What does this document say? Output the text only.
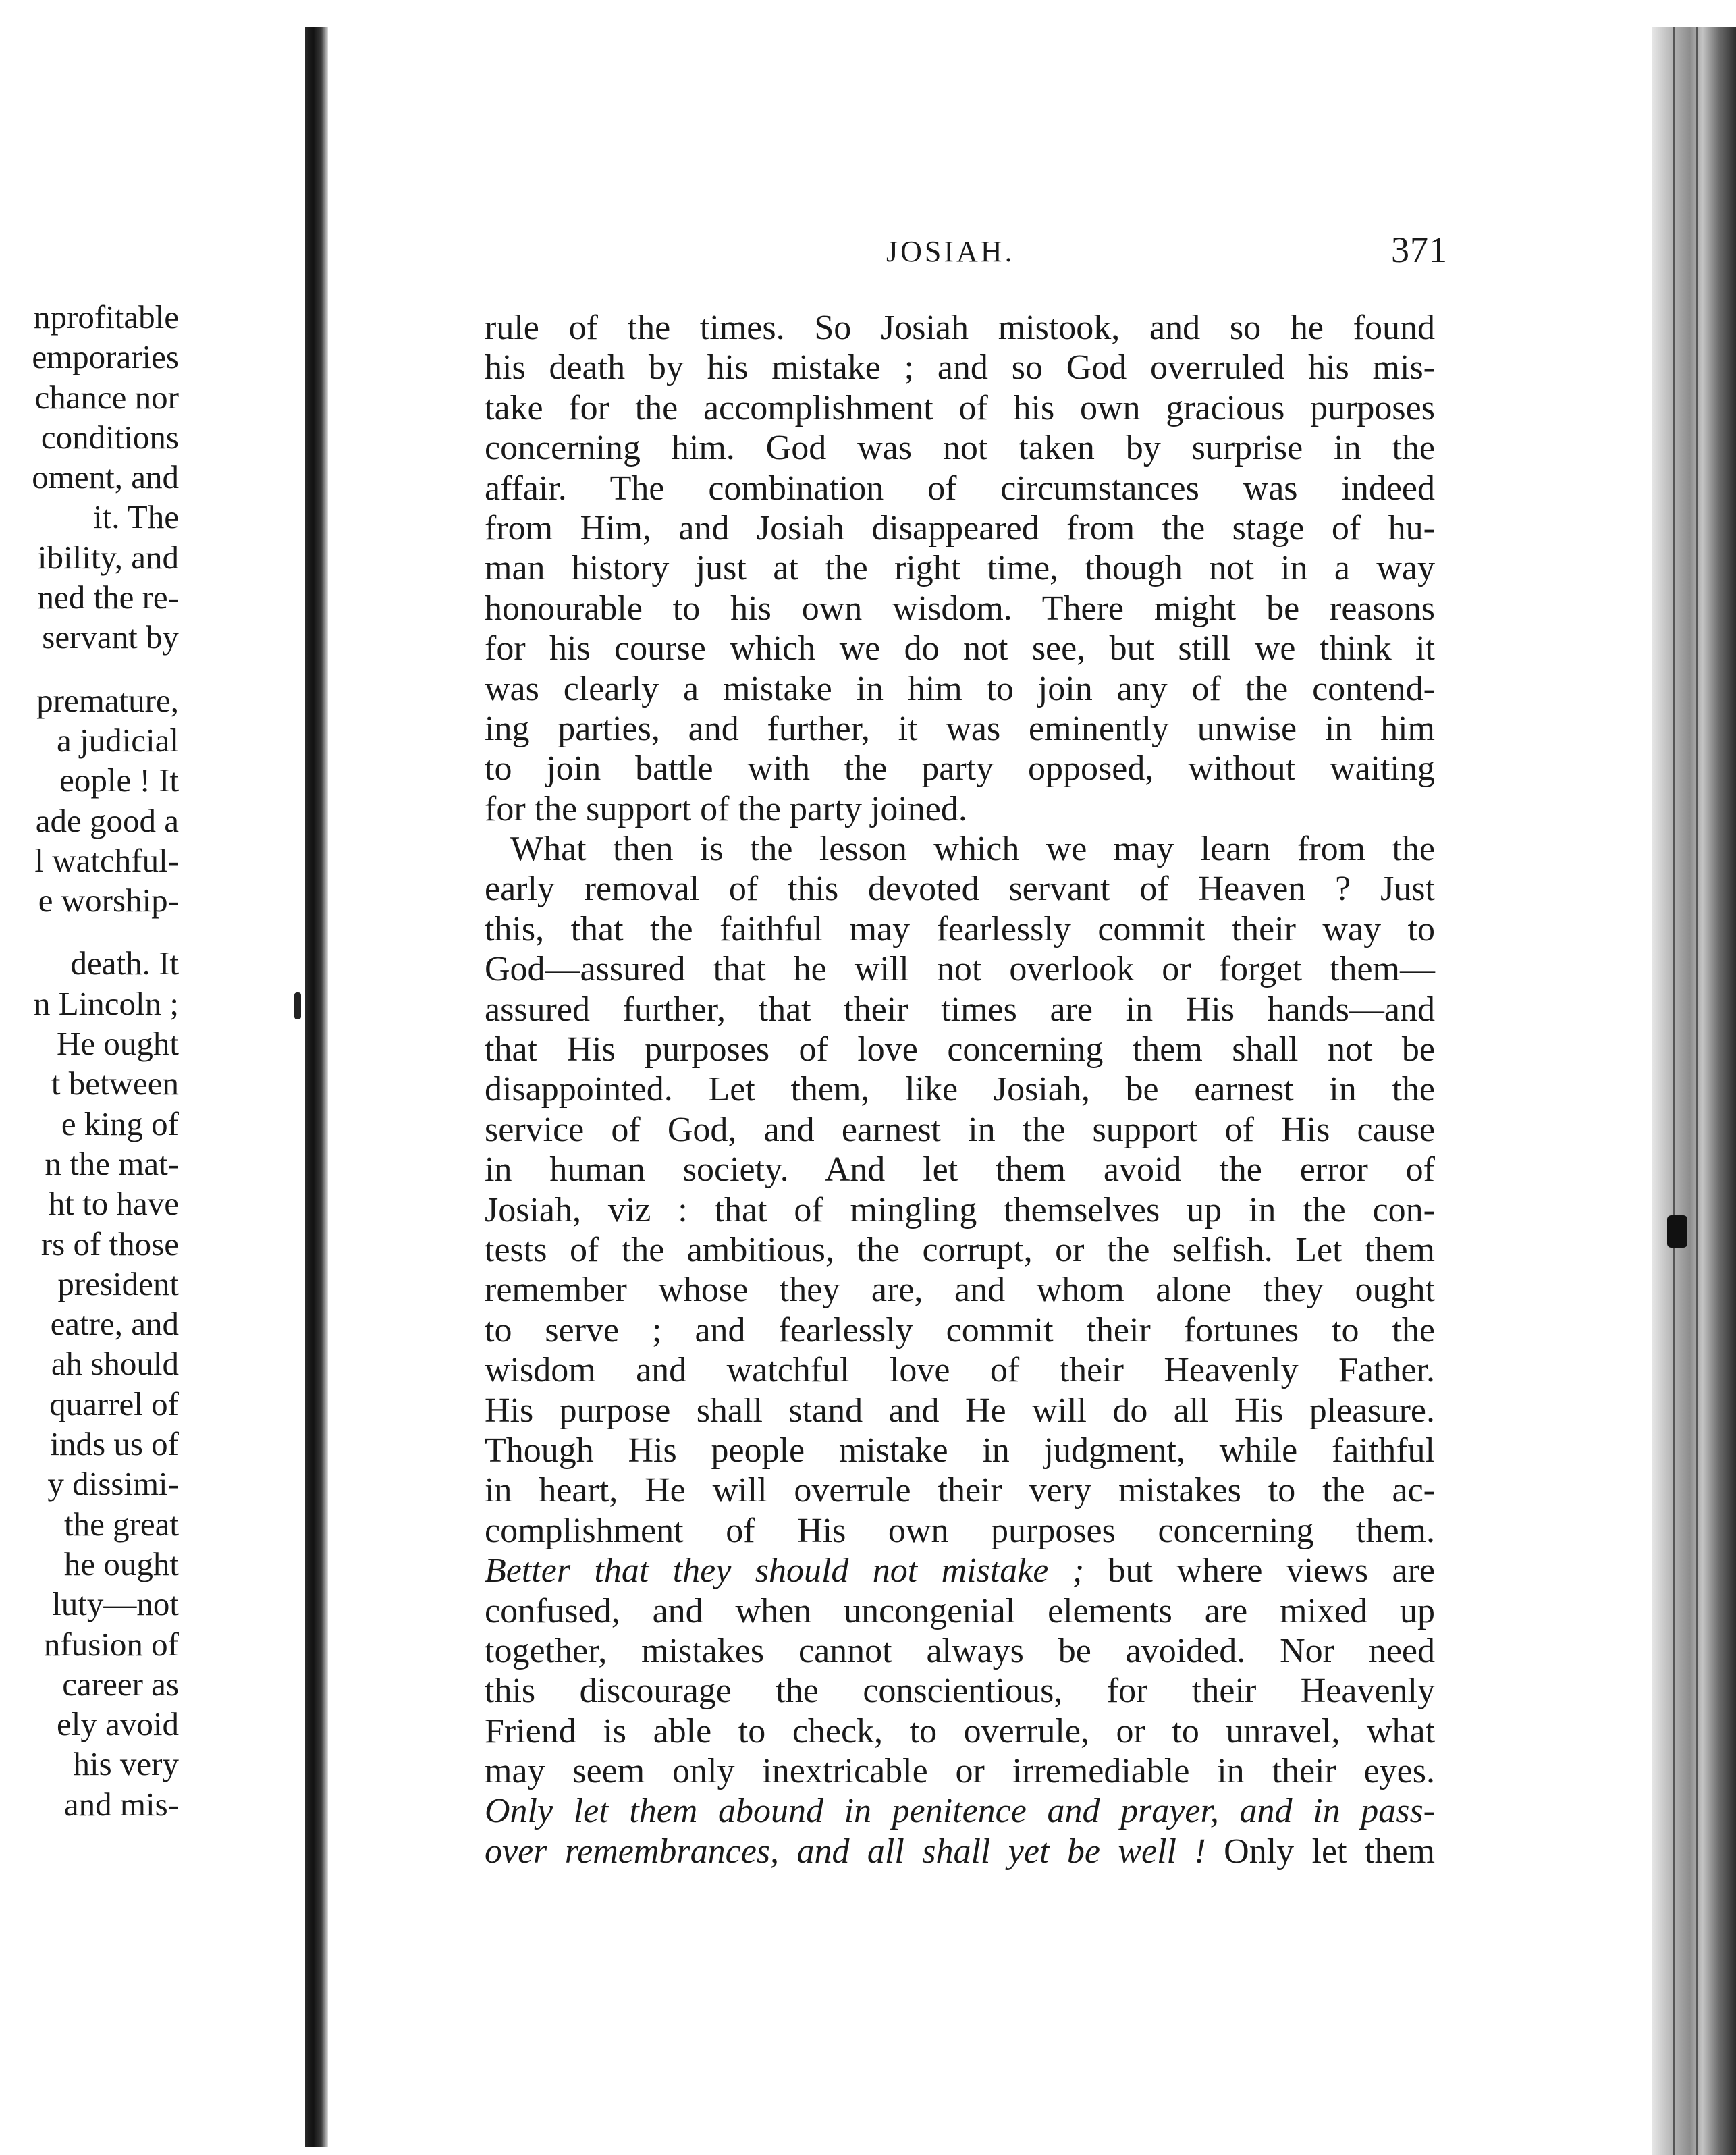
nprofitable
emporaries
chance nor
conditions
oment, and
it. The
ibility, and
ned the re-
servant by
premature,
a judicial
eople ! It
ade good a
l watchful-
e worship-
death. It
n Lincoln ;
He ought
t between
e king of
n the mat-
ht to have
rs of those
president
eatre, and
ah should
quarrel of
inds us of
y dissimi-
the great
he ought
luty—not
nfusion of
career as
ely avoid
his very
and mis-
JOSIAH.	371
rule of the times. So Josiah mistook, and so he found
his death by his mistake ; and so God overruled his mis-
take for the accomplishment of his own gracious purposes
concerning him. God was not taken by surprise in the
affair. The combination of circumstances was indeed
from Him, and Josiah disappeared from the stage of hu-
man history just at the right time, though not in a way
honourable to his own wisdom. There might be reasons
for his course which we do not see, but still we think it
was clearly a mistake in him to join any of the contend-
ing parties, and further, it was eminently unwise in him
to join battle with the party opposed, without waiting
for the support of the party joined.
What then is the lesson which we may learn from the
early removal of this devoted servant of Heaven ? Just
this, that the faithful may fearlessly commit their way to
God—assured that he will not overlook or forget them—
assured further, that their times are in His hands—and
that His purposes of love concerning them shall not be
disappointed. Let them, like Josiah, be earnest in the
service of God, and earnest in the support of His cause
in human society. And let them avoid the error of
Josiah, viz : that of mingling themselves up in the con-
tests of the ambitious, the corrupt, or the selfish. Let them
remember whose they are, and whom alone they ought
to serve ; and fearlessly commit their fortunes to the
wisdom and watchful love of their Heavenly Father.
His purpose shall stand and He will do all His pleasure.
Though His people mistake in judgment, while faithful
in heart, He will overrule their very mistakes to the ac-
complishment of His own purposes concerning them.
Better that they should not mistake ; but where views are
confused, and when uncongenial elements are mixed up
together, mistakes cannot always be avoided. Nor need
this discourage the conscientious, for their Heavenly
Friend is able to check, to overrule, or to unravel, what
may seem only inextricable or irremediable in their eyes.
Only let them abound in penitence and prayer, and in pass-
over remembrances, and all shall yet be well ! Only let them
